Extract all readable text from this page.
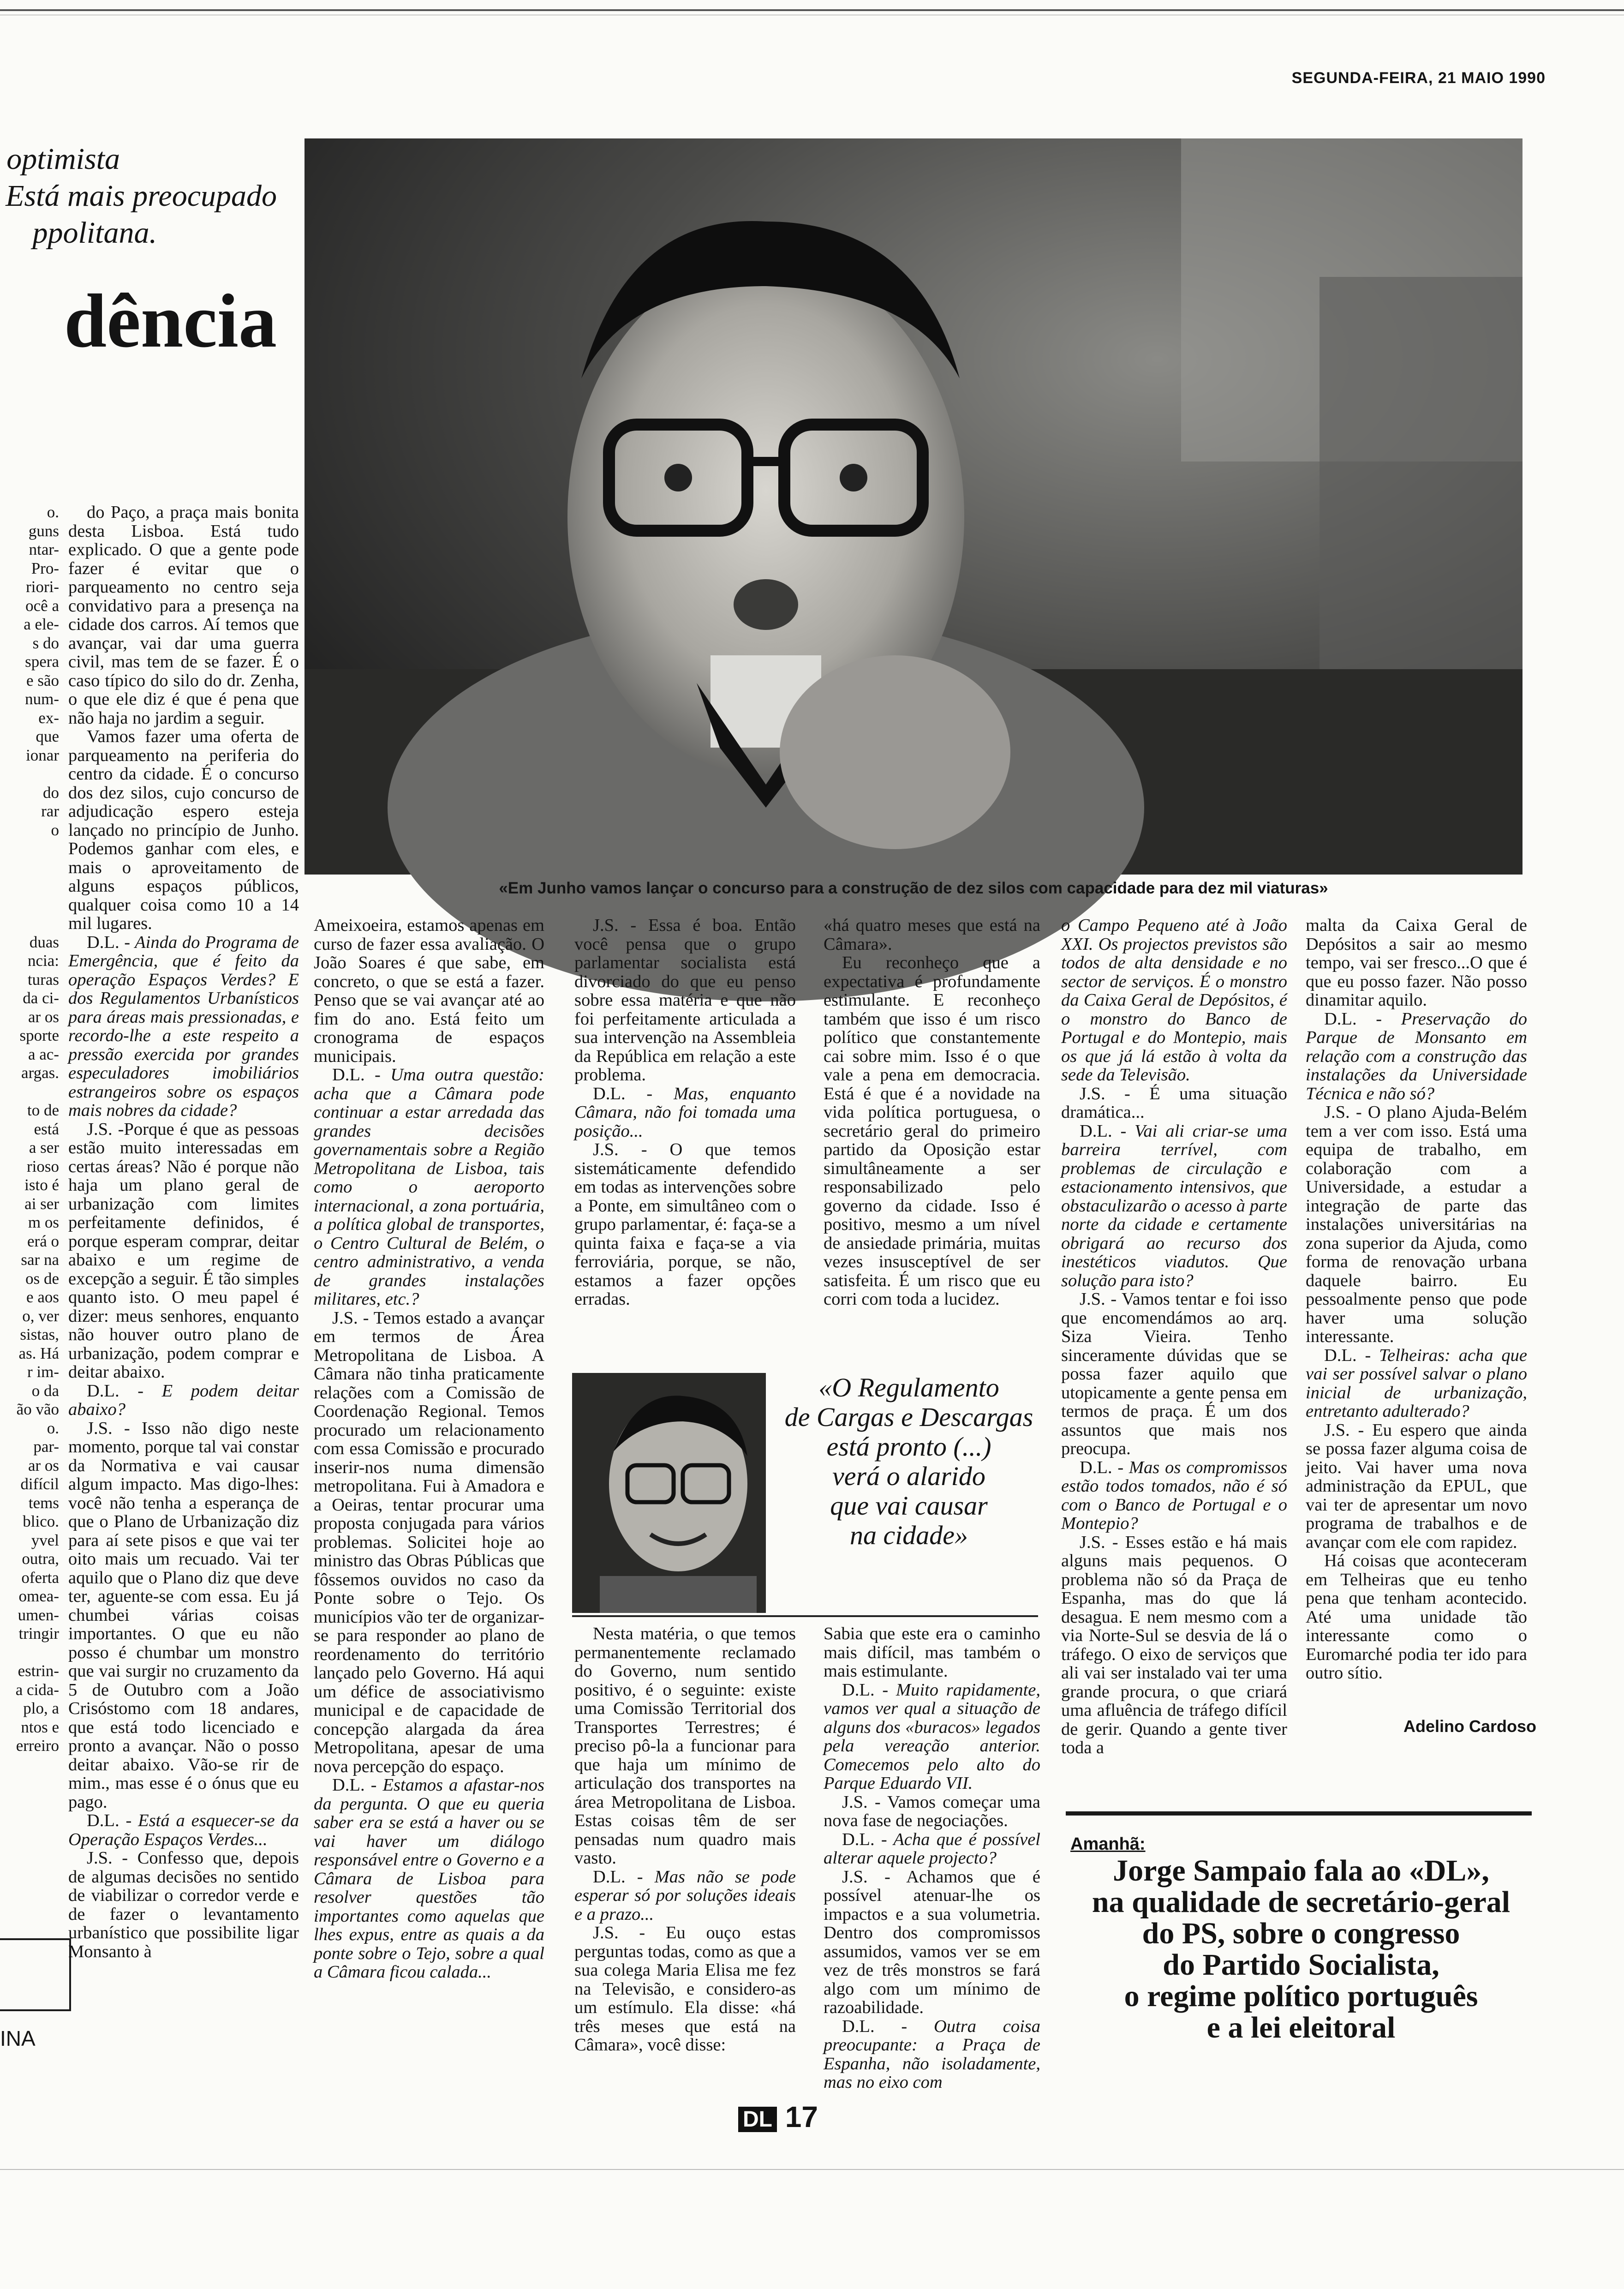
SEGUNDA-FEIRA, 21 MAIO 1990
optimista
Está mais preocupado
ppolitana.
dência
«Em Junho vamos lançar o concurso para a construção de dez silos com capacidade para dez mil viaturas»
o.
guns
ntar-
Pro-
riori-
ocê a
a ele-
s do
spera
e são
num-
ex-
que
ionar

do
rar
o

duas
ncia:
turas
da ci-
ar os
sporte
a ac-
argas.

to de
está
a ser
rioso
isto é
ai ser
m os
erá o
sar na
os de
e aos
o, ver
sistas,
as. Há
r im-
o da
ão vão
o.
par-
ar os
difícil
tems
blico.
yvel
outra,
oferta
omea-
umen-
tringir

estrin-
a cida-
plo, a
ntos e
erreiro
INA

do Paço, a praça mais bonita desta Lisboa. Está tudo explicado. O que a gente pode fazer é evitar que o parqueamento no centro seja convidativo para a presença na cidade dos carros. Aí temos que avançar, vai dar uma guerra civil, mas tem de se fazer. É o caso típico do silo do dr. Zenha, o que ele diz é que é pena que não haja no jardim a seguir.

Vamos fazer uma oferta de parqueamento na periferia do centro da cidade. É o concurso dos dez silos, cujo concurso de adjudicação espero esteja lançado no princípio de Junho. Podemos ganhar com eles, e mais o aproveitamento de alguns espaços públicos, qualquer coisa como 10 a 14 mil lugares.

D.L. - Ainda do Programa de Emergência, que é feito da operação Espaços Verdes? E dos Regulamentos Urbanísticos para áreas mais pressionadas, e recordo-lhe a este respeito a pressão exercida por grandes especuladores imobiliários estrangeiros sobre os espaços mais nobres da cidade?

J.S. -Porque é que as pessoas estão muito interessadas em certas áreas? Não é porque não haja um plano geral de urbanização com limites perfeitamente definidos, é porque esperam comprar, deitar abaixo e um regime de excepção a seguir. É tão simples quanto isto. O meu papel é dizer: meus senhores, enquanto não houver outro plano de urbanização, podem comprar e deitar abaixo.

D.L. - E podem deitar abaixo?

J.S. - Isso não digo neste momento, porque tal vai constar da Normativa e vai causar algum impacto. Mas digo-lhes: você não tenha a esperança de que o Plano de Urbanização diz para aí sete pisos e que vai ter oito mais um recuado. Vai ter aquilo que o Plano diz que deve ter, aguente-se com essa. Eu já chumbei várias coisas importantes. O que eu não posso é chumbar um monstro que vai surgir no cruzamento da 5 de Outubro com a João Crisóstomo com 18 andares, que está todo licenciado e pronto a avançar. Não o posso deitar abaixo. Vão-se rir de mim., mas esse é o ónus que eu pago.

D.L. - Está a esquecer-se da Operação Espaços Verdes...

J.S. - Confesso que, depois de algumas decisões no sentido de viabilizar o corredor verde e de fazer o levantamento urbanístico que possibilite ligar Monsanto à

Ameixoeira, estamos apenas em curso de fazer essa avaliação. O João Soares é que sabe, em concreto, o que se está a fazer. Penso que se vai avançar até ao fim do ano. Está feito um cronograma de espaços municipais.

D.L. - Uma outra questão: acha que a Câmara pode continuar a estar arredada das grandes decisões governamentais sobre a Região Metropolitana de Lisboa, tais como o aeroporto internacional, a zona portuária, a política global de transportes, o Centro Cultural de Belém, o centro administrativo, a venda de grandes instalações militares, etc.?

J.S. - Temos estado a avançar em termos de Área Metropolitana de Lisboa. A Câmara não tinha praticamente relações com a Comissão de Coordenação Regional. Temos procurado um relacionamento com essa Comissão e procurado inserir-nos numa dimensão metropolitana. Fui à Amadora e a Oeiras, tentar procurar uma proposta conjugada para vários problemas. Solicitei hoje ao ministro das Obras Públicas que fôssemos ouvidos no caso da Ponte sobre o Tejo. Os municípios vão ter de organizar-se para responder ao plano de reordenamento do território lançado pelo Governo. Há aqui um défice de associativismo municipal e de capacidade de concepção alargada da área Metropolitana, apesar de uma nova percepção do espaço.

D.L. - Estamos a afastar-nos da pergunta. O que eu queria saber era se está a haver ou se vai haver um diálogo responsável entre o Governo e a Câmara de Lisboa para resolver questões tão importantes como aquelas que lhes expus, entre as quais a da ponte sobre o Tejo, sobre a qual a Câmara ficou calada...

J.S. - Essa é boa. Então você pensa que o grupo parlamentar socialista está divorciado do que eu penso sobre essa matéria e que não foi perfeitamente articulada a sua intervenção na Assembleia da República em relação a este problema.

D.L. - Mas, enquanto Câmara, não foi tomada uma posição...

J.S. - O que temos sistemáticamente defendido em todas as intervenções sobre a Ponte, em simultâneo com o grupo parlamentar, é: faça-se a quinta faixa e faça-se a via ferroviária, porque, se não, estamos a fazer opções erradas.

«há quatro meses que está na Câmara».

Eu reconheço que a expectativa é profundamente estimulante. E reconheço também que isso é um risco político que constantemente cai sobre mim. Isso é o que vale a pena em democracia. Está é que é a novidade na vida política portuguesa, o secretário geral do primeiro partido da Oposição estar simultâneamente a ser responsabilizado pelo governo da cidade. Isso é positivo, mesmo a um nível de ansiedade primária, muitas vezes insusceptível de ser satisfeita. É um risco que eu corri com toda a lucidez.

«O Regulamento
de Cargas e Descargas
está pronto (...)
verá o alarido
que vai causar
na cidade»

Nesta matéria, o que temos permanentemente reclamado do Governo, num sentido positivo, é o seguinte: existe uma Comissão Territorial dos Transportes Terrestres; é preciso pô-la a funcionar para que haja um mínimo de articulação dos transportes na área Metropolitana de Lisboa. Estas coisas têm de ser pensadas num quadro mais vasto.

D.L. - Mas não se pode esperar só por soluções ideais e a prazo...

J.S. - Eu ouço estas perguntas todas, como as que a sua colega Maria Elisa me fez na Televisão, e considero-as um estímulo. Ela disse: «há três meses que está na Câmara», você disse:

Sabia que este era o caminho mais difícil, mas também o mais estimulante.

D.L. - Muito rapidamente, vamos ver qual a situação de alguns dos «buracos» legados pela vereação anterior. Comecemos pelo alto do Parque Eduardo VII.

J.S. - Vamos começar uma nova fase de negociações.

D.L. - Acha que é possível alterar aquele projecto?

J.S. - Achamos que é possível atenuar-lhe os impactos e a sua volumetria. Dentro dos compromissos assumidos, vamos ver se em vez de três monstros se fará algo com um mínimo de razoabilidade.

D.L. - Outra coisa preocupante: a Praça de Espanha, não isoladamente, mas no eixo com

o Campo Pequeno até à João XXI. Os projectos previstos são todos de alta densidade e no sector de serviços. É o monstro da Caixa Geral de Depósitos, é o monstro do Banco de Portugal e do Montepio, mais os que já lá estão à volta da sede da Televisão.

J.S. - É uma situação dramática...

D.L. - Vai ali criar-se uma barreira terrível, com problemas de circulação e estacionamento intensivos, que obstaculizarão o acesso à parte norte da cidade e certamente obrigará ao recurso dos inestéticos viadutos. Que solução para isto?

J.S. - Vamos tentar e foi isso que encomendámos ao arq. Siza Vieira. Tenho sinceramente dúvidas que se possa fazer aquilo que utopicamente a gente pensa em termos de praça. É um dos assuntos que mais nos preocupa.

D.L. - Mas os compromissos estão todos tomados, não é só com o Banco de Portugal e o Montepio?

J.S. - Esses estão e há mais alguns mais pequenos. O problema não só da Praça de Espanha, mas do que lá desagua. E nem mesmo com a via Norte-Sul se desvia de lá o tráfego. O eixo de serviços que ali vai ser instalado vai ter uma grande procura, o que criará uma afluência de tráfego difícil de gerir. Quando a gente tiver toda a

malta da Caixa Geral de Depósitos a sair ao mesmo tempo, vai ser fresco...O que é que eu posso fazer. Não posso dinamitar aquilo.

D.L. - Preservação do Parque de Monsanto em relação com a construção das instalações da Universidade Técnica e não só?

J.S. - O plano Ajuda-Belém tem a ver com isso. Está uma equipa de trabalho, em colaboração com a Universidade, a estudar a integração de parte das instalações universitárias na zona superior da Ajuda, como forma de renovação urbana daquele bairro. Eu pessoalmente penso que pode haver uma solução interessante.

D.L. - Telheiras: acha que vai ser possível salvar o plano inicial de urbanização, entretanto adulterado?

J.S. - Eu espero que ainda se possa fazer alguma coisa de jeito. Vai haver uma nova administração da EPUL, que vai ter de apresentar um novo programa de trabalhos e de avançar com ele com rapidez.

Há coisas que aconteceram em Telheiras que eu tenho pena que tenham acontecido. Até uma unidade tão interessante como o Euromarché podia ter ido para outro sítio.

Adelino Cardoso
Amanhã:
Jorge Sampaio fala ao «DL»,
na qualidade de secretário-geral
do PS, sobre o congresso
do Partido Socialista,
o regime político português
e a lei eleitoral
DL 17
